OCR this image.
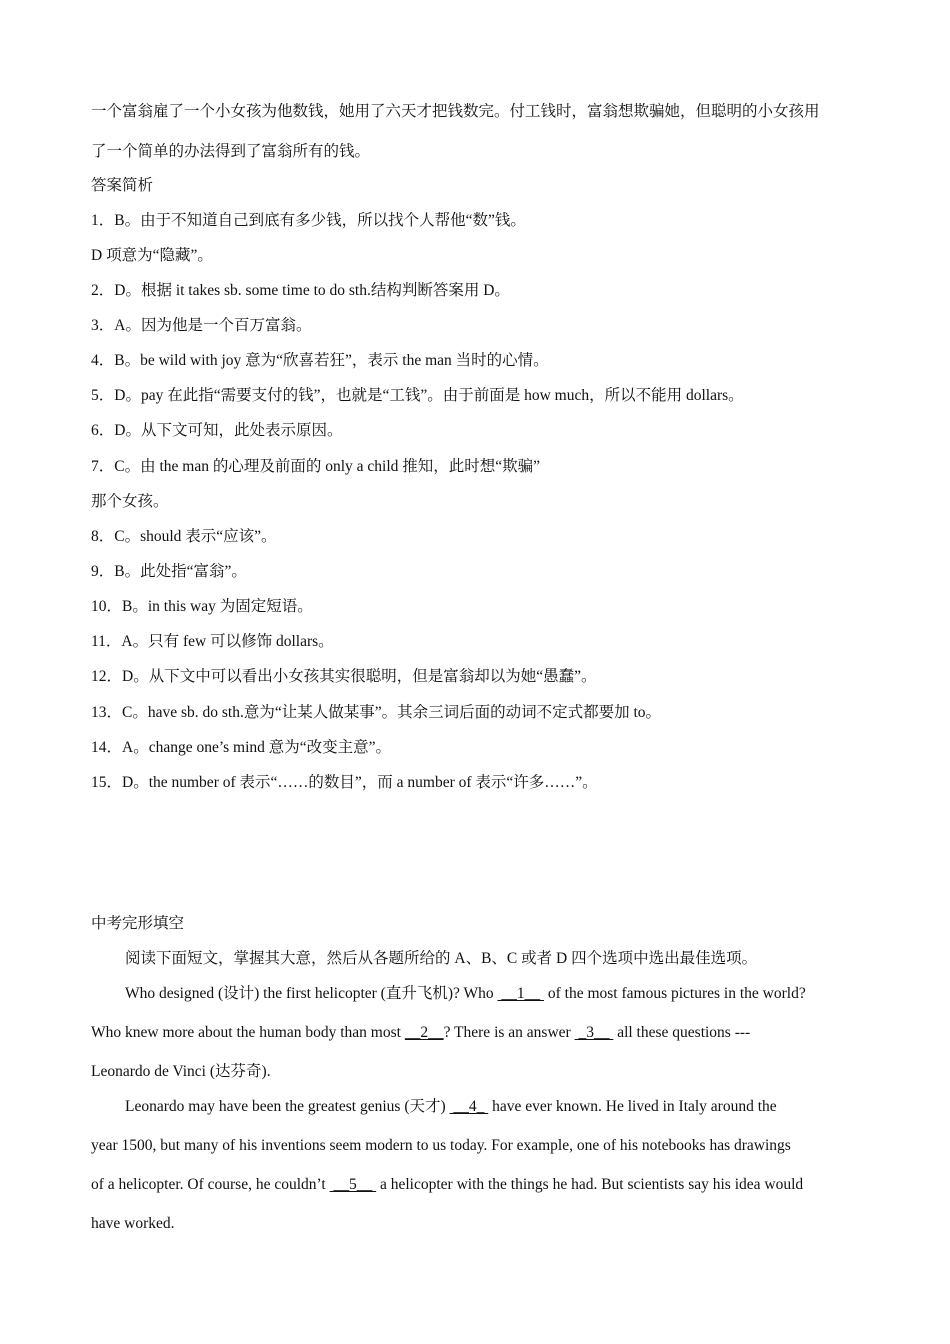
一个富翁雇了一个小女孩为他数钱，她用了六天才把钱数完。付工钱时，富翁想欺骗她，但聪明的小女孩用
了一个简单的办法得到了富翁所有的钱。
答案简析
1．B。由于不知道自己到底有多少钱，所以找个人帮他“数”钱。
D 项意为“隐藏”。
2．D。根据 it takes sb. some time to do sth.结构判断答案用 D。
3．A。因为他是一个百万富翁。
4．B。be wild with joy 意为“欣喜若狂”，表示 the man 当时的心情。
5．D。pay 在此指“需要支付的钱”，也就是“工钱”。由于前面是 how much，所以不能用 dollars。
6．D。从下文可知，此处表示原因。
7．C。由 the man 的心理及前面的 only a child 推知，此时想“欺骗”
那个女孩。
8．C。should 表示“应该”。
9．B。此处指“富翁”。
10．B。in this way 为固定短语。
11．A。只有 few 可以修饰 dollars。
12．D。从下文中可以看出小女孩其实很聪明，但是富翁却以为她“愚蠢”。
13．C。have sb. do sth.意为“让某人做某事”。其余三词后面的动词不定式都要加 to。
14．A。change one’s mind 意为“改变主意”。
15．D。the number of 表示“……的数目”，而 a number of 表示“许多……”。
中考完形填空
阅读下面短文，掌握其大意，然后从各题所给的 A、B、C 或者 D 四个选项中选出最佳选项。
Who designed (设计) the first helicopter (直升飞机)? Who  __1__  of the most famous pictures in the world?
Who knew more about the human body than most __2__? There is an answer  _3__  all these questions ---
Leonardo de Vinci (达芬奇).
Leonardo may have been the greatest genius (天才)  __4_  have ever known. He lived in Italy around the
year 1500, but many of his inventions seem modern to us today. For example, one of his notebooks has drawings
of a helicopter. Of course, he couldn’t  __5__  a helicopter with the things he had. But scientists say his idea would
have worked.
